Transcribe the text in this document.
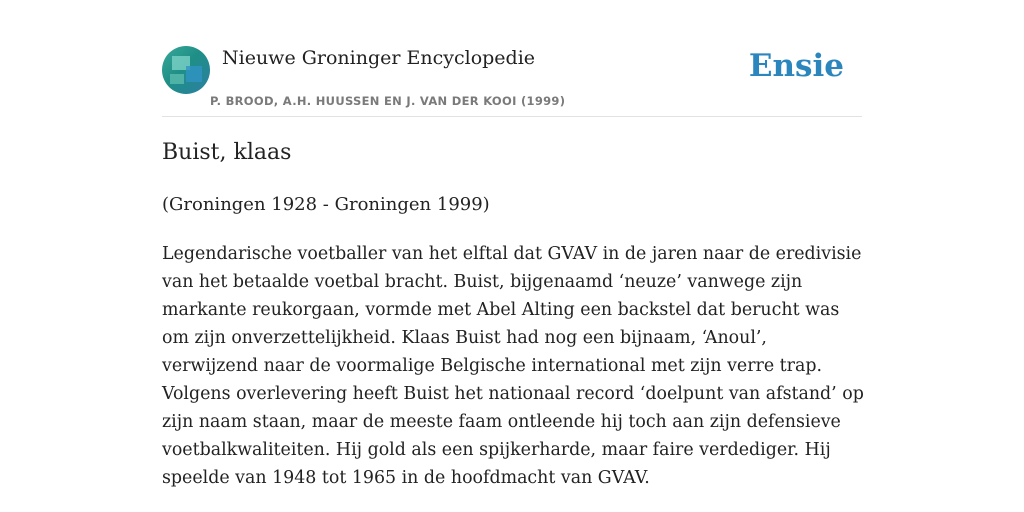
Nieuwe Groninger Encyclopedie
P. BROOD, A.H. HUUSSEN EN J. VAN DER KOOI (1999)
Ensie
Buist, klaas
(Groningen 1928 - Groningen 1999)

Legendarische voetballer van het elftal dat GVAV in de jaren naar de eredivisie van het betaalde voetbal bracht. Buist, bijgenaamd ‘neuze’ vanwege zijn markante reukorgaan, vormde met Abel Alting een backstel dat berucht was om zijn onverzettelijkheid. Klaas Buist had nog een bijnaam, ‘Anoul’, verwijzend naar de voormalige Belgische international met zijn verre trap. Volgens overlevering heeft Buist het nationaal record ‘doelpunt van afstand’ op zijn naam staan, maar de meeste faam ontleende hij toch aan zijn defensieve voetbalkwaliteiten. Hij gold als een spijkerharde, maar faire verdediger. Hij speelde van 1948 tot 1965 in de hoofdmacht van GVAV.
